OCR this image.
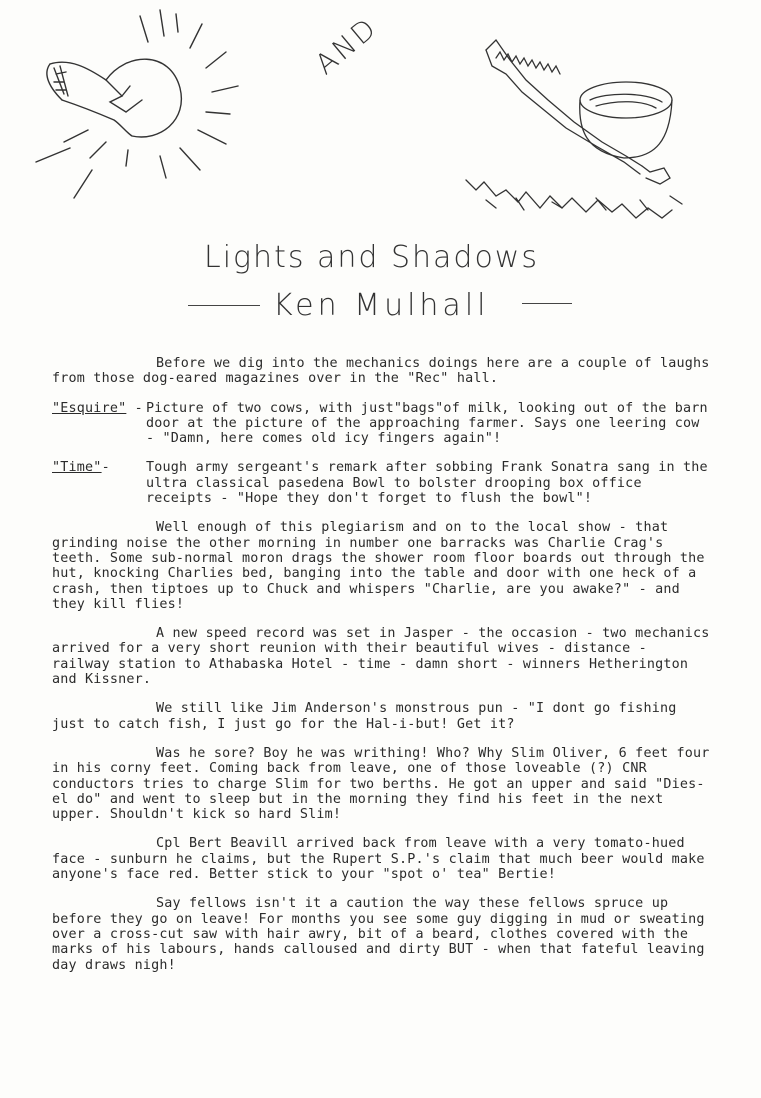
AND
Lights and Shadows
Ken Mulhall

Before we dig into the mechanics doings here are a couple of laughs from those dog-eared magazines over in the "Rec" hall.

"Esquire" - Picture of two cows, with just"bags"of milk, looking out of the barn door at the picture of the approaching farmer. Says one leering cow - "Damn, here comes old icy fingers again"!
"Time"-	Tough army sergeant's remark after sobbing Frank Sonatra sang in the ultra classical pasedena Bowl to bolster drooping box office receipts - "Hope they don't forget to flush the bowl"!

Well enough of this plegiarism and on to the local show - that grinding noise the other morning in number one barracks was Charlie Crag's teeth. Some sub-normal moron drags the shower room floor boards out through the hut, knocking Charlies bed, banging into the table and door with one heck of a crash, then tiptoes up to Chuck and whispers "Charlie, are you awake?" - and they kill flies!

A new speed record was set in Jasper - the occasion - two mechanics arrived for a very short reunion with their beautiful wives - distance - railway station to Athabaska Hotel - time - damn short - winners Hetherington and Kissner.

We still like Jim Anderson's monstrous pun - "I dont go fishing just to catch fish, I just go for the Hal-i-but! Get it?

Was he sore? Boy he was writhing! Who? Why Slim Oliver, 6 feet four in his corny feet. Coming back from leave, one of those loveable (?) CNR conductors tries to charge Slim for two berths. He got an upper and said "Dies-el do" and went to sleep but in the morning they find his feet in the next upper. Shouldn't kick so hard Slim!

Cpl Bert Beavill arrived back from leave with a very tomato-hued face - sunburn he claims, but the Rupert S.P.'s claim that much beer would make anyone's face red. Better stick to your "spot o' tea" Bertie!

Say fellows isn't it a caution the way these fellows spruce up before they go on leave! For months you see some guy digging in mud or sweating over a cross-cut saw with hair awry, bit of a beard, clothes covered with the marks of his labours, hands calloused and dirty BUT - when that fateful leaving day draws nigh!
